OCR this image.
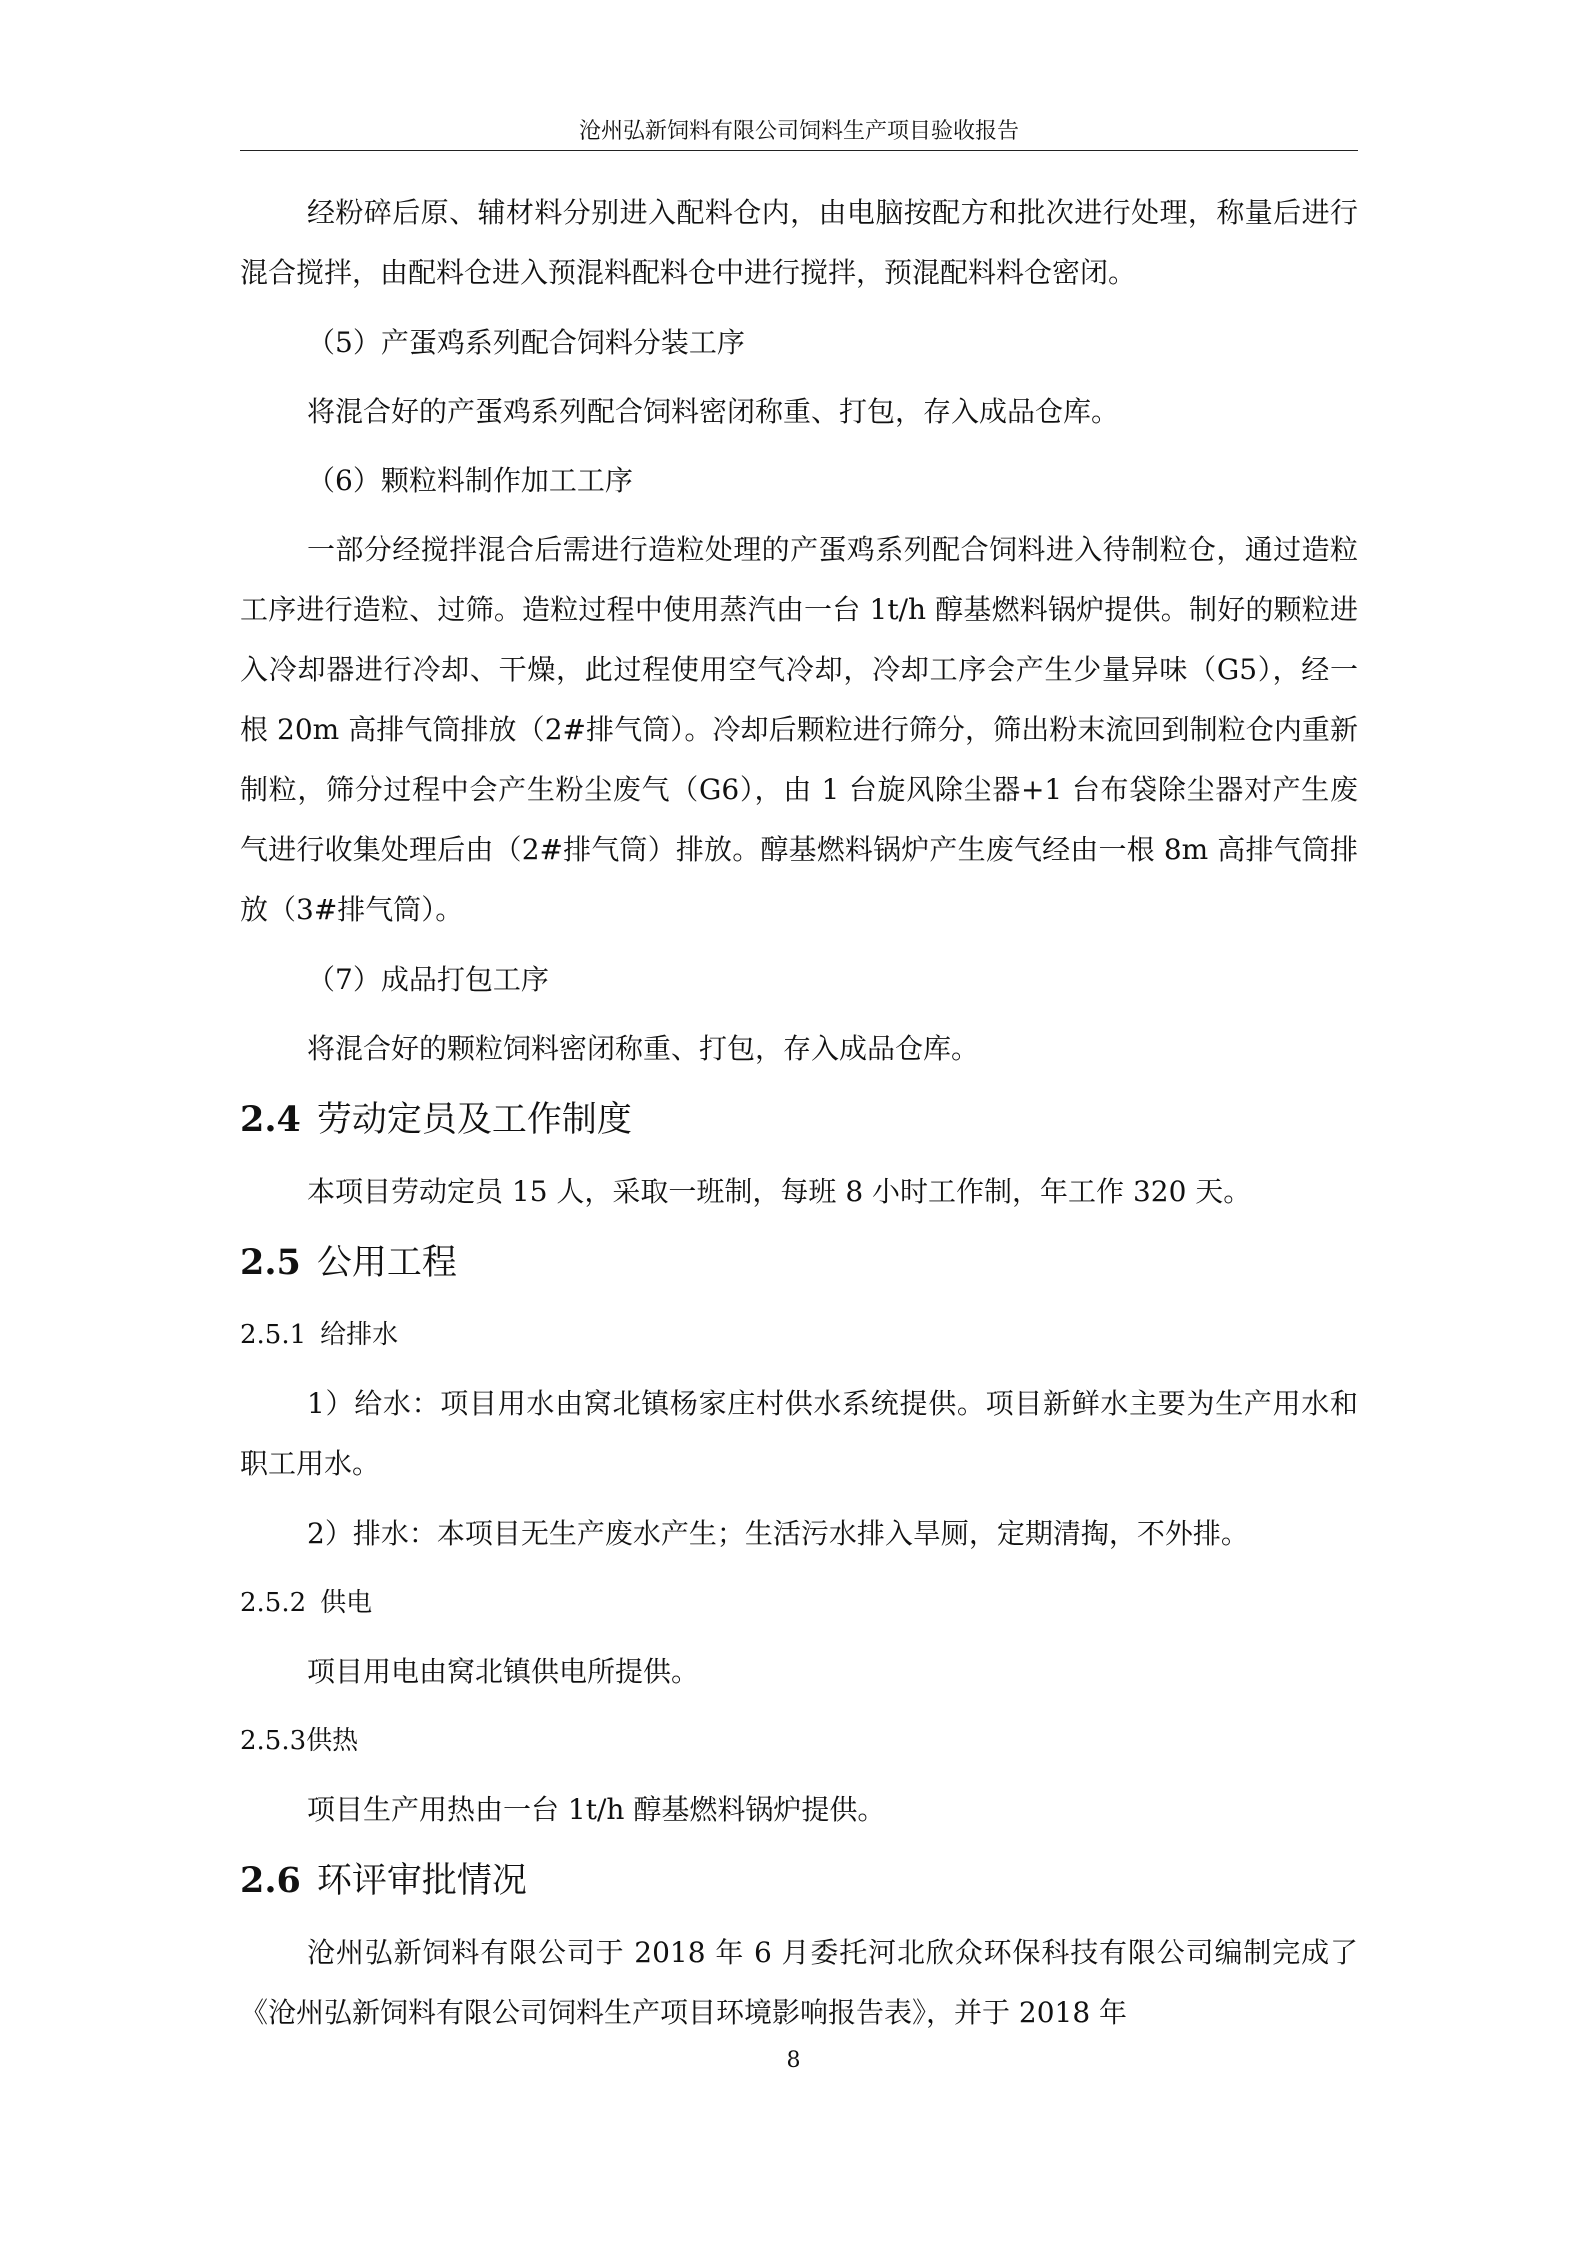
沧州弘新饲料有限公司饲料生产项目验收报告

经粉碎后原、辅材料分别进入配料仓内，由电脑按配方和批次进行处理，称量后进行混合搅拌，由配料仓进入预混料配料仓中进行搅拌，预混配料料仓密闭。

（5）产蛋鸡系列配合饲料分装工序

将混合好的产蛋鸡系列配合饲料密闭称重、打包，存入成品仓库。

（6）颗粒料制作加工工序

一部分经搅拌混合后需进行造粒处理的产蛋鸡系列配合饲料进入待制粒仓，通过造粒工序进行造粒、过筛。造粒过程中使用蒸汽由一台 1t/h 醇基燃料锅炉提供。制好的颗粒进入冷却器进行冷却、干燥，此过程使用空气冷却，冷却工序会产生少量异味（G5），经一根 20m 高排气筒排放（2#排气筒）。冷却后颗粒进行筛分，筛出粉末流回到制粒仓内重新制粒，筛分过程中会产生粉尘废气（G6），由 1 台旋风除尘器+1 台布袋除尘器对产生废气进行收集处理后由（2#排气筒）排放。醇基燃料锅炉产生废气经由一根 8m 高排气筒排放（3#排气筒）。

（7）成品打包工序

将混合好的颗粒饲料密闭称重、打包，存入成品仓库。

2.4 劳动定员及工作制度

本项目劳动定员 15 人，采取一班制，每班 8 小时工作制，年工作 320 天。

2.5 公用工程
2.5.1 给排水

1）给水：项目用水由窝北镇杨家庄村供水系统提供。项目新鲜水主要为生产用水和职工用水。

2）排水：本项目无生产废水产生；生活污水排入旱厕，定期清掏，不外排。

2.5.2 供电

项目用电由窝北镇供电所提供。

2.5.3供热

项目生产用热由一台 1t/h 醇基燃料锅炉提供。

2.6 环评审批情况

沧州弘新饲料有限公司于 2018 年 6 月委托河北欣众环保科技有限公司编制完成了《沧州弘新饲料有限公司饲料生产项目环境影响报告表》，并于 2018 年

8
